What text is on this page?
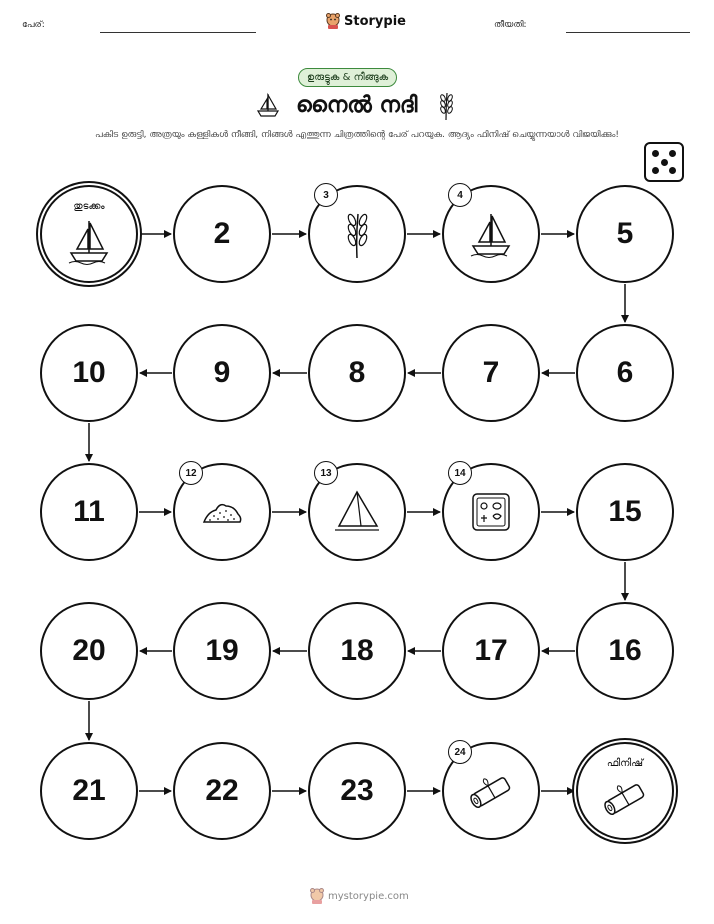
പേര്:	Storypie	തീയതി:
ഉരുട്ടുക & നീങ്ങുക
നൈൽ നദി
പകിട ഉരുട്ടി, അത്രയും കള്ളികൾ നീങ്ങി, നിങ്ങൾ എത്തുന്ന ചിത്രത്തിന്റെ പേര് പറയുക. ആദ്യം ഫിനിഷ് ചെയ്യുന്നയാൾ വിജയിക്കും!
തുടക്കം
2
3	4
5
6
7
8
9
10
11
12	13	14
15
16
17
18
19
20
21	22	23
24
ഫിനിഷ്
mystorypie.com
